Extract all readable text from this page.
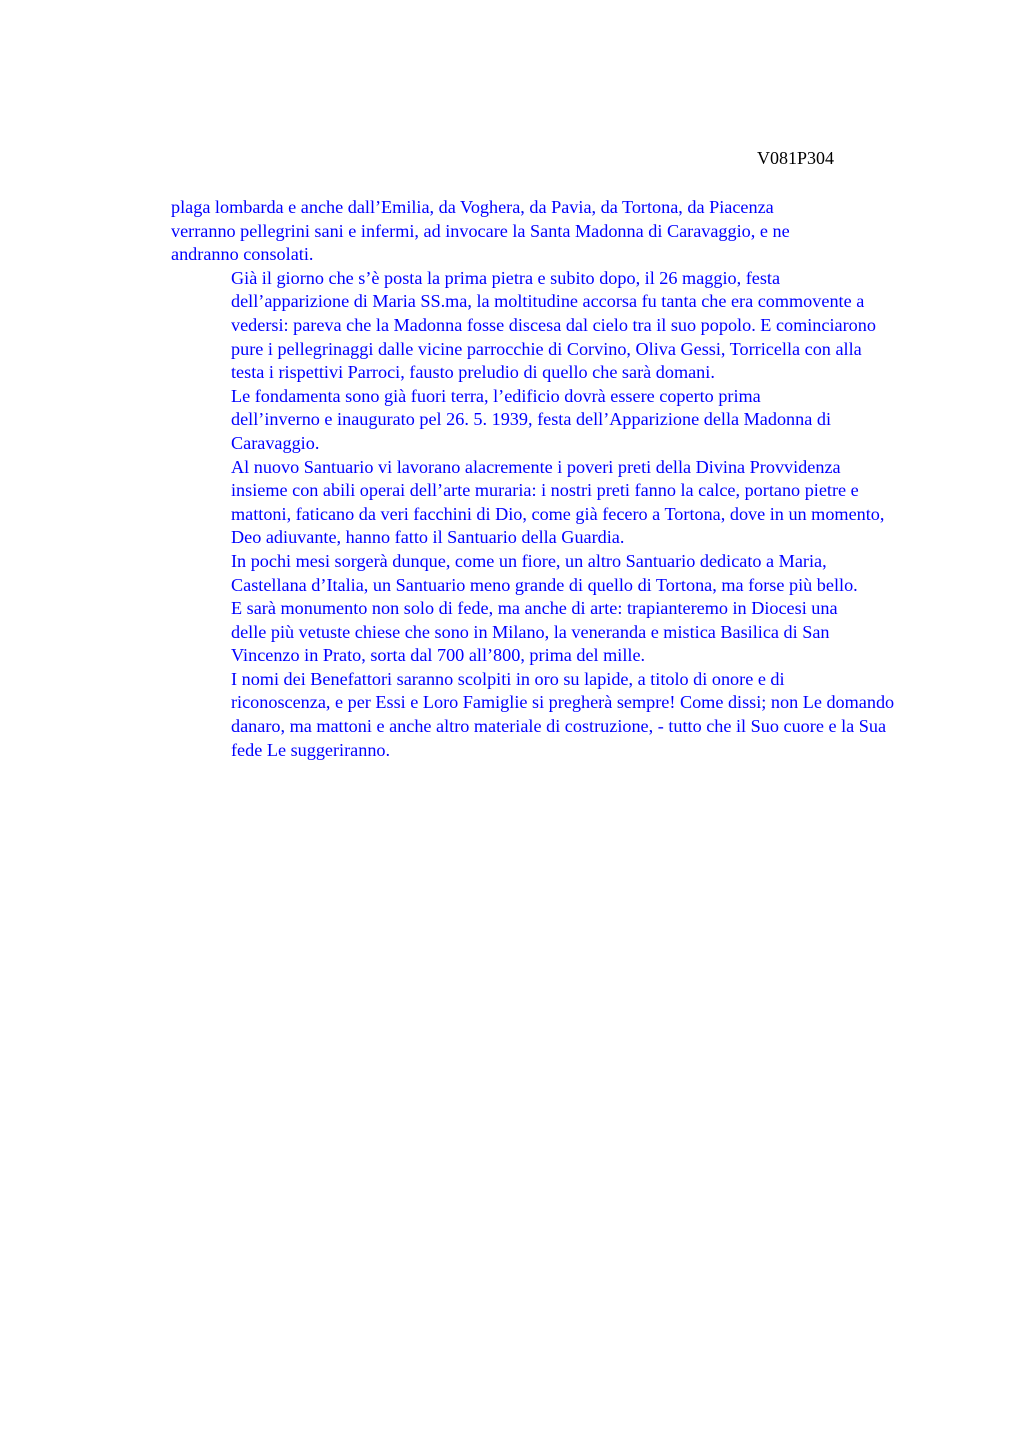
V081P304

plaga lombarda e anche dall’Emilia, da Voghera, da Pavia, da Tortona, da Piacenza
verranno pellegrini sani e infermi, ad invocare la Santa Madonna di Caravaggio, e ne
andranno consolati.

Già il giorno che s’è posta la prima pietra e subito dopo, il 26 maggio, festa
dell’apparizione di Maria SS.ma, la moltitudine accorsa fu tanta che era commovente a
vedersi: pareva che la Madonna fosse discesa dal cielo tra il suo popolo. E cominciarono
pure i pellegrinaggi dalle vicine parrocchie di Corvino, Oliva Gessi, Torricella con alla
testa i rispettivi Parroci, fausto preludio di quello che sarà domani.

Le fondamenta sono già fuori terra, l’edificio dovrà essere coperto prima
dell’inverno e inaugurato pel 26. 5. 1939, festa dell’Apparizione della Madonna di
Caravaggio.

Al nuovo Santuario vi lavorano alacremente i poveri preti della Divina Provvidenza
insieme con abili operai dell’arte muraria: i nostri preti fanno la calce, portano pietre e
mattoni, faticano da veri facchini di Dio, come già fecero a Tortona, dove in un momento,
Deo adiuvante, hanno fatto il Santuario della Guardia.

In pochi mesi sorgerà dunque, come un fiore, un altro Santuario dedicato a Maria,
Castellana d’Italia, un Santuario meno grande di quello di Tortona, ma forse più bello.

E sarà monumento non solo di fede, ma anche di arte: trapianteremo in Diocesi una
delle più vetuste chiese che sono in Milano, la veneranda e mistica Basilica di San
Vincenzo in Prato, sorta dal 700 all’800, prima del mille.

I nomi dei Benefattori saranno scolpiti in oro su lapide, a titolo di onore e di
riconoscenza, e per Essi e Loro Famiglie si pregherà sempre! Come dissi; non Le domando
danaro, ma mattoni e anche altro materiale di costruzione, - tutto che il Suo cuore e la Sua
fede Le suggeriranno.
